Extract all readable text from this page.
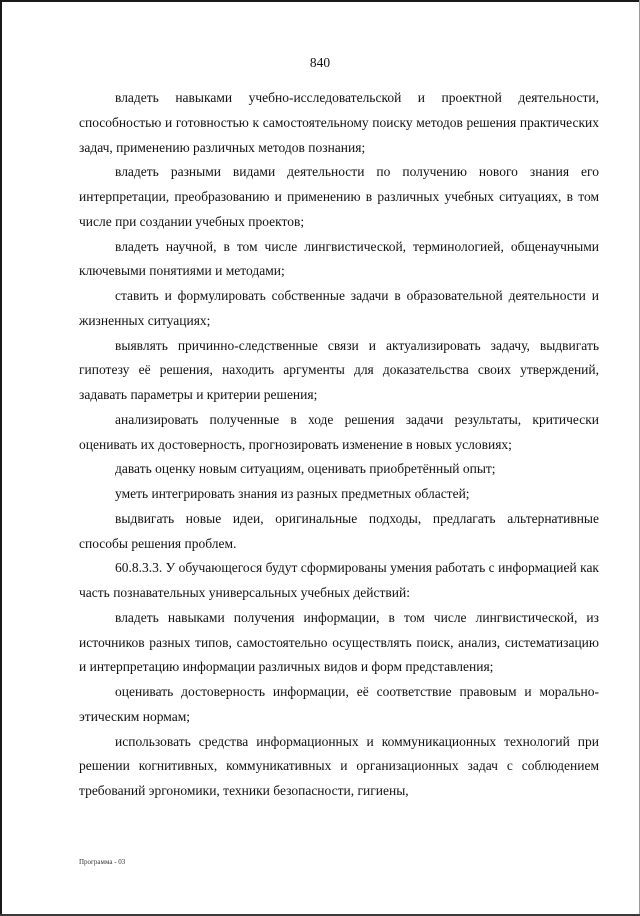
840

владеть навыками учебно-исследовательской и проектной деятельности, способностью и готовностью к самостоятельному поиску методов решения практических задач, применению различных методов познания;

владеть разными видами деятельности по получению нового знания его интерпретации, преобразованию и применению в различных учебных ситуациях, в том числе при создании учебных проектов;

владеть научной, в том числе лингвистической, терминологией, общенаучными ключевыми понятиями и методами;

ставить и формулировать собственные задачи в образовательной деятельности и жизненных ситуациях;

выявлять причинно-следственные связи и актуализировать задачу, выдвигать гипотезу её решения, находить аргументы для доказательства своих утверждений, задавать параметры и критерии решения;

анализировать полученные в ходе решения задачи результаты, критически оценивать их достоверность, прогнозировать изменение в новых условиях;

давать оценку новым ситуациям, оценивать приобретённый опыт;

уметь интегрировать знания из разных предметных областей;

выдвигать новые идеи, оригинальные подходы, предлагать альтернативные способы решения проблем.

60.8.3.3. У обучающегося будут сформированы умения работать с информацией как часть познавательных универсальных учебных действий:

владеть навыками получения информации, в том числе лингвистической, из источников разных типов, самостоятельно осуществлять поиск, анализ, систематизацию и интерпретацию информации различных видов и форм представления;

оценивать достоверность информации, её соответствие правовым и морально-этическим нормам;

использовать средства информационных и коммуникационных технологий при решении когнитивных, коммуникативных и организационных задач с соблюдением требований эргономики, техники безопасности, гигиены,

Программа - 03
